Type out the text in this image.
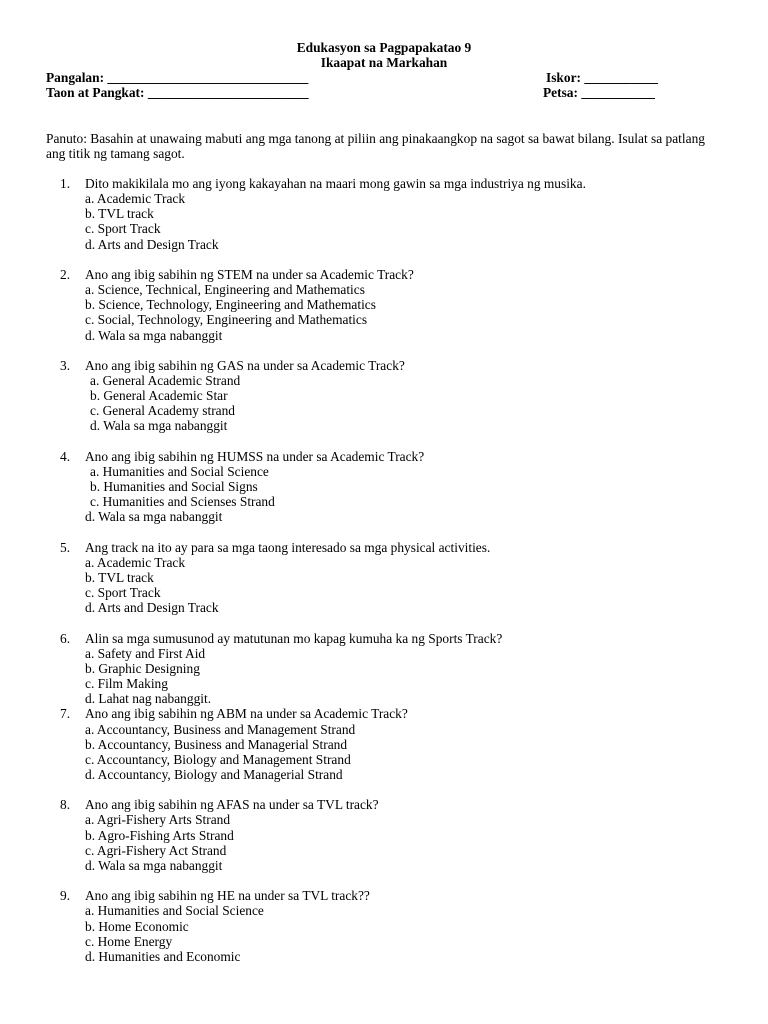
Edukasyon sa Pagpapakatao 9
Ikaapat na Markahan
Pangalan: ______________________________	Iskor: ___________
Taon at Pangkat: ________________________	Petsa: ___________
Panuto: Basahin at unawaing mabuti ang mga tanong at piliin ang pinakaangkop na sagot sa bawat bilang. Isulat sa patlang ang titik ng tamang sagot.
1. Dito makikilala mo ang iyong kakayahan na maari mong gawin sa mga industriya ng musika.
a. Academic Track
b. TVL track
c. Sport Track
d. Arts and Design Track
2. Ano ang ibig sabihin ng STEM na under sa Academic Track?
a. Science, Technical, Engineering and Mathematics
b. Science, Technology, Engineering and Mathematics
c. Social, Technology, Engineering and Mathematics
d. Wala sa mga nabanggit
3. Ano ang ibig sabihin ng GAS na under sa Academic Track?
a. General Academic Strand
b. General Academic Star
c. General Academy strand
d. Wala sa mga nabanggit
4. Ano ang ibig sabihin ng HUMSS na under sa Academic Track?
a. Humanities and Social Science
b. Humanities and Social Signs
c. Humanities and Scienses Strand
d. Wala sa mga nabanggit
5. Ang track na ito ay para sa mga taong interesado sa mga physical activities.
a. Academic Track
b. TVL track
c. Sport Track
d. Arts and Design Track
6. Alin sa mga sumusunod ay matutunan mo kapag kumuha ka ng Sports Track?
a. Safety and First Aid
b. Graphic Designing
c. Film Making
d. Lahat nag nabanggit.
7. Ano ang ibig sabihin ng ABM na under sa Academic Track?
a. Accountancy, Business and Management Strand
b. Accountancy, Business and Managerial Strand
c. Accountancy, Biology and Management Strand
d. Accountancy, Biology and Managerial Strand
8. Ano ang ibig sabihin ng AFAS na under sa TVL track?
a. Agri-Fishery Arts Strand
b. Agro-Fishing Arts Strand
c. Agri-Fishery Act Strand
d. Wala sa mga nabanggit
9. Ano ang ibig sabihin ng HE na under sa TVL track??
a. Humanities and Social Science
b. Home Economic
c. Home Energy
d. Humanities and Economic
